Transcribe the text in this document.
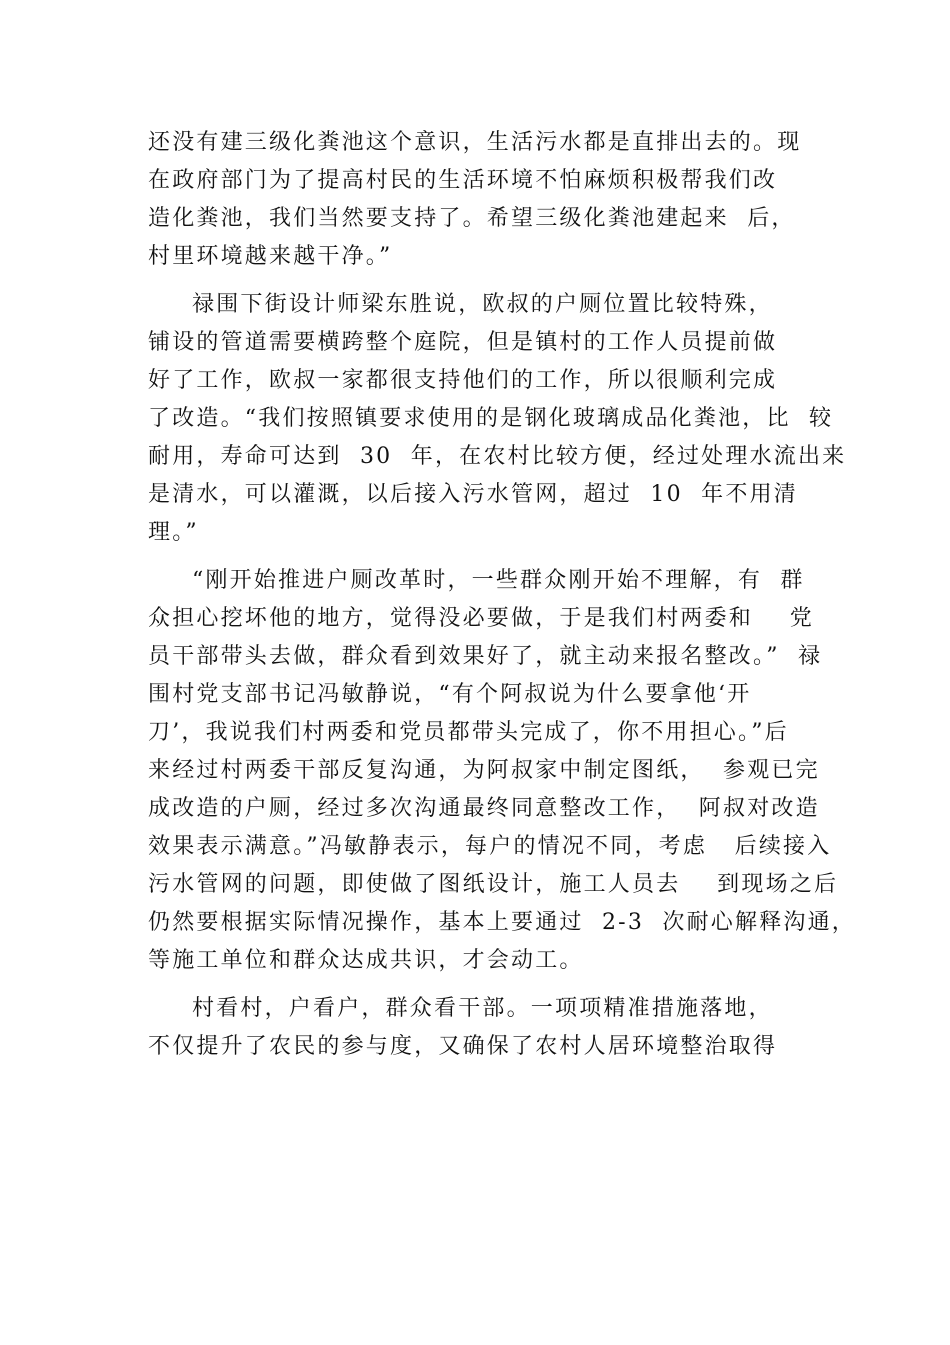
还没有建三级化粪池这个意识，生活污水都是直排出去的。现
在政府部门为了提高村民的生活环境不怕麻烦积极帮我们改
造化粪池，我们当然要支持了。希望三级化粪池建起来  后，
村里环境越来越干净。”
禄围下街设计师梁东胜说，欧叔的户厕位置比较特殊，
铺设的管道需要横跨整个庭院，但是镇村的工作人员提前做
好了工作，欧叔一家都很支持他们的工作，所以很顺利完成
了改造。“我们按照镇要求使用的是钢化玻璃成品化粪池，比  较
耐用，寿命可达到  30  年，在农村比较方便，经过处理水流出来
是清水，可以灌溉，以后接入污水管网，超过  10  年不用清
理。”
“刚开始推进户厕改革时，一些群众刚开始不理解，有  群
众担心挖坏他的地方，觉得没必要做，于是我们村两委和    党
员干部带头去做，群众看到效果好了，就主动来报名整改。”  禄
围村党支部书记冯敏静说，“有个阿叔说为什么要拿他‘开
刀’，我说我们村两委和党员都带头完成了，你不用担心。”后
来经过村两委干部反复沟通，为阿叔家中制定图纸，  参观已完
成改造的户厕，经过多次沟通最终同意整改工作，  阿叔对改造
效果表示满意。”冯敏静表示，每户的情况不同，考虑   后续接入
污水管网的问题，即使做了图纸设计，施工人员去    到现场之后
仍然要根据实际情况操作，基本上要通过  2-3  次耐心解释沟通，
等施工单位和群众达成共识，才会动工。
村看村，户看户，群众看干部。一项项精准措施落地，
不仅提升了农民的参与度，又确保了农村人居环境整治取得
